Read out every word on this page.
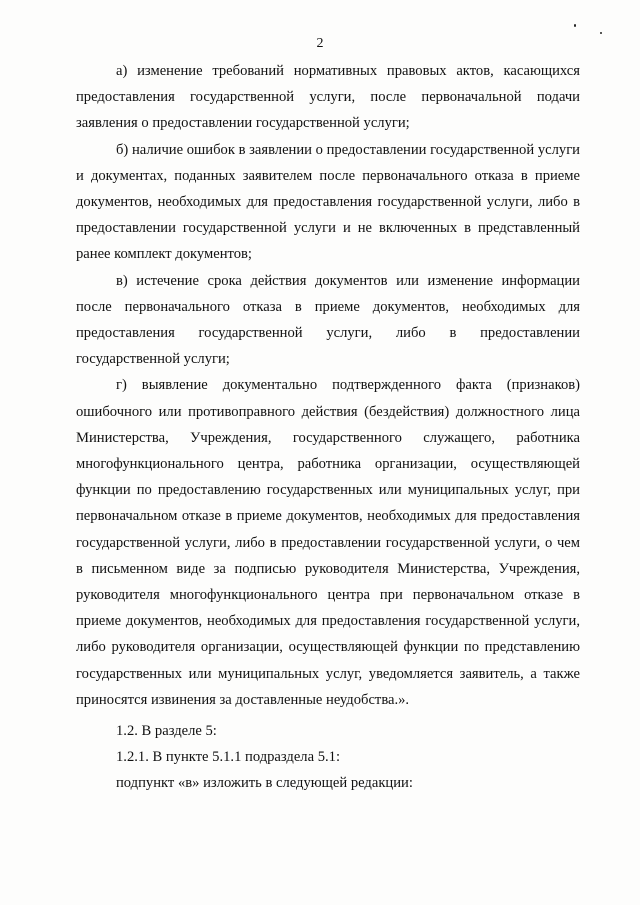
2

а) изменение требований нормативных правовых актов, касающихся предоставления государственной услуги, после первоначальной подачи заявления о предоставлении государственной услуги;

б) наличие ошибок в заявлении о предоставлении государственной услуги и документах, поданных заявителем после первоначального отказа в приеме документов, необходимых для предоставления государственной услуги, либо в предоставлении государственной услуги и не включенных в представленный ранее комплект документов;

в) истечение срока действия документов или изменение информации после первоначального отказа в приеме документов, необходимых для предоставления государственной услуги, либо в предоставлении государственной услуги;

г) выявление документально подтвержденного факта (признаков) ошибочного или противоправного действия (бездействия) должностного лица Министерства, Учреждения, государственного служащего, работника многофункционального центра, работника организации, осуществляющей функции по предоставлению государственных или муниципальных услуг, при первоначальном отказе в приеме документов, необходимых для предоставления государственной услуги, либо в предоставлении государственной услуги, о чем в письменном виде за подписью руководителя Министерства, Учреждения, руководителя многофункционального центра при первоначальном отказе в приеме документов, необходимых для предоставления государственной услуги, либо руководителя организации, осуществляющей функции по представлению государственных или муниципальных услуг, уведомляется заявитель, а также приносятся извинения за доставленные неудобства.».

1.2. В разделе 5:

1.2.1. В пункте 5.1.1 подраздела 5.1:

подпункт «в» изложить в следующей редакции:
